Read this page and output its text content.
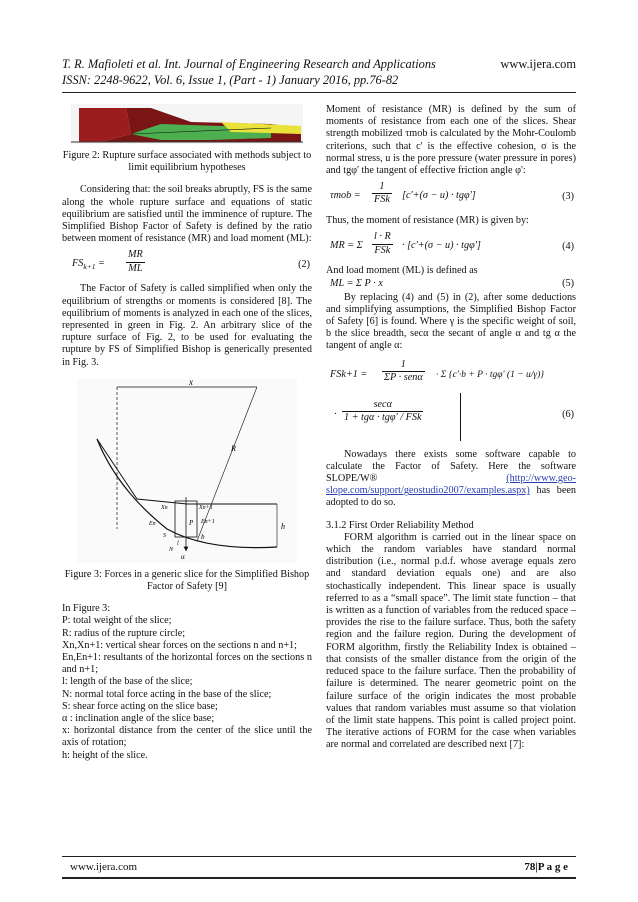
T. R. Mafioleti et al. Int. Journal of Engineering Research and Applications	www.ijera.com
ISSN: 2248-9622, Vol. 6, Issue 1, (Part - 1) January 2016, pp.76-82

Figure 2: Rupture surface associated with methods subject to limit equilibrium hypotheses

Considering that: the soil breaks abruptly, FS is the same along the whole rupture surface and equations of static equilibrium are satisfied until the imminence of rupture. The Simplified Bishop Factor of Safety is defined by the ratio between moment of resistance (MR) and load moment (ML):

$FS_{k+1} = \frac{MR}{ML}$	(2)

The Factor of Safety is called simplified when only the equilibrium of strengths or moments is considered [8]. The equilibrium of moments is analyzed in each one of the slices, represented in green in Fig. 2. An arbitrary slice of the rupture surface of Fig. 2, to be used for evaluating the rupture by FS of Simplified Bishop is generically presented in Fig. 3.

x
R
P
Xn	Xn+1
En	En+1
S
N
l
α
b
h

Figure 3: Forces in a generic slice for the Simplified Bishop Factor of Safety [9]

In Figure 3:

P: total weight of the slice;

R: radius of the rupture circle;

Xn,Xn+1: vertical shear forces on the sections n and n+1;

En,En+1: resultants of the horizontal forces on the sections n and n+1;

l: length of the base of the slice;

N: normal total force acting in the base of the slice;

S: shear force acting on the slice base;

α : inclination angle of the slice base;

x: horizontal distance from the center of the slice until the axis of rotation;

h: height of the slice.

Moment of resistance (MR) is defined by the sum of moments of resistance from each one of the slices. Shear strength mobilized τmob is calculated by the Mohr-Coulomb criterions, such that c' is the effective cohesion, σ is the normal stress, u is the pore pressure (water pressure in pores) and tgφ' the tangent of effective friction angle φ':

τmob =
1
FSk [c'+(σ − u) · tgφ']	(3)

Thus, the moment of resistance (MR) is given by:

MR = Σ
l · R
FSk · [c'+(σ − u) · tgφ']	(4)

And load moment (ML) is defined as

ML = Σ P · x	(5)

By replacing (4) and (5) in (2), after some deductions and simplifying assumptions, the Simplified Bishop Factor of Safety [6] is found. Where γ is the specific weight of soil, b the slice breadth, secα the secant of angle α and tg α the tangent of angle α:

FSk+1 =
1
ΣP · senα · Σ {c'·b + P · tgφ' (1 − u/γ)}
·
secα
1 + tgα · tgφ' / FSk	(6)

Nowadays there exists some software capable to calculate the Factor of Safety. Here the software SLOPE/W®	(http://www.geo-slope.com/support/geostudio2007/examples.aspx) has been adopted to do so.

3.1.2 First Order Reliability Method

FORM algorithm is carried out in the linear space on which the random variables have standard normal distribution (i.e., normal p.d.f. whose average equals zero and standard deviation equals one) and are also stochastically independent. This linear space is usually referred to as a “small space”. The limit state function – that is written as a function of variables from the reduced space – provides the rise to the failure surface. Thus, both the safety region and the failure region. During the development of FORM algorithm, firstly the Reliability Index is obtained – that consists of the smaller distance from the origin of the reduced space to the failure surface. Then the probability of failure is determined. The nearer geometric point on the failure surface of the origin indicates the most probable values that random variables must assume so that violation of the limit state happens. This point is called project point. The iterative actions of FORM for the case when variables are normal and correlated are described next [7]:

www.ijera.com	78|P a g e
